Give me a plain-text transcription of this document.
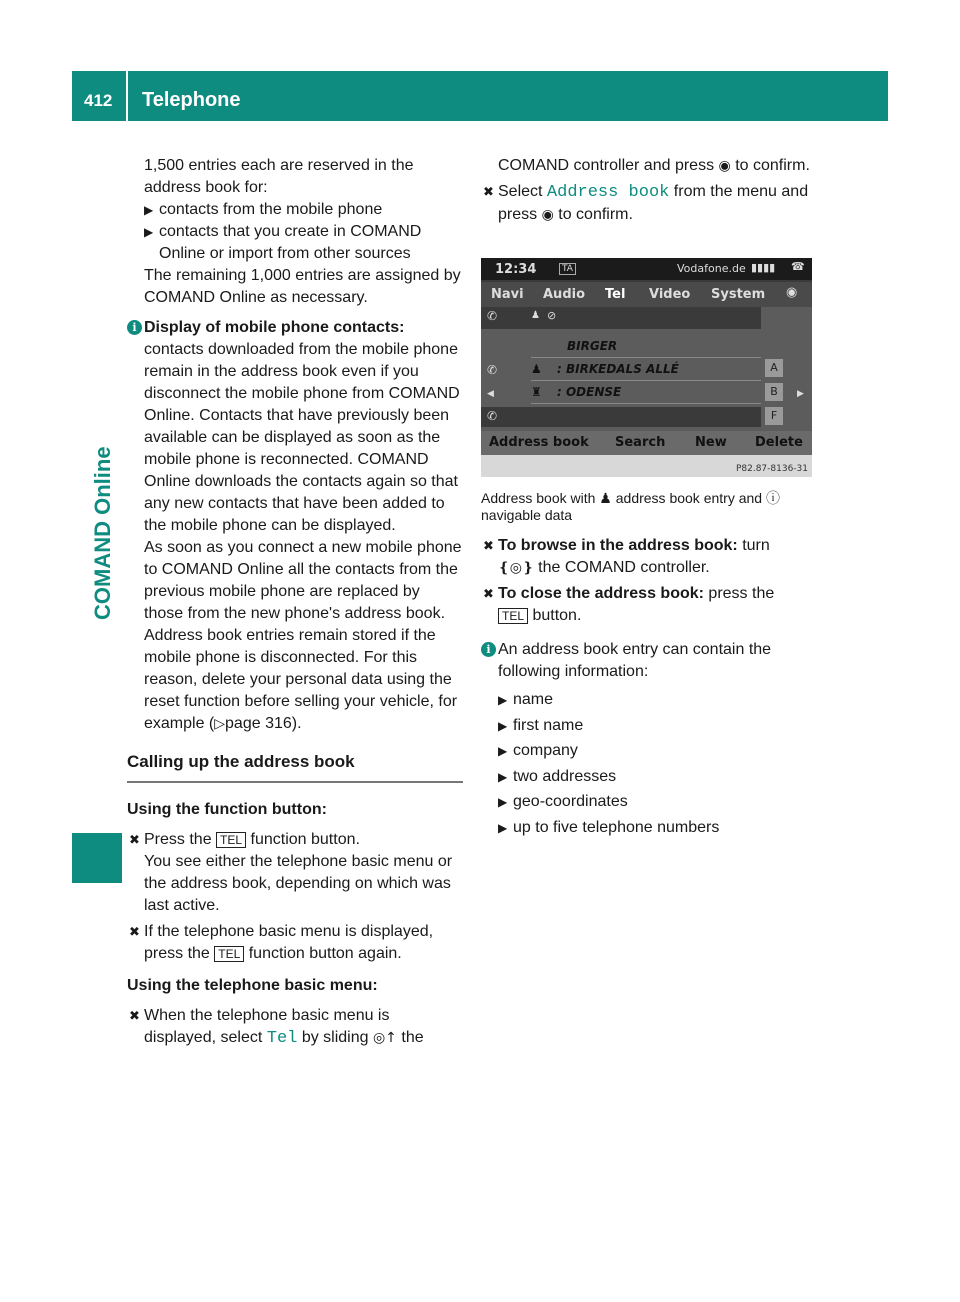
412 Telephone
COMAND Online

1,500 entries each are reserved in the address book for:

▶ contacts from the mobile phone

▶ contacts that you create in COMAND Online or import from other sources

The remaining 1,000 entries are assigned by COMAND Online as necessary.

i Display of mobile phone contacts: contacts downloaded from the mobile phone remain in the address book even if you disconnect the mobile phone from COMAND Online. Contacts that have previously been available can be displayed as soon as the mobile phone is reconnected. COMAND Online downloads the contacts again so that any new contacts that have been added to the mobile phone can be displayed.

As soon as you connect a new mobile phone to COMAND Online all the contacts from the previous mobile phone are replaced by those from the new phone's address book.

Address book entries remain stored if the mobile phone is disconnected. For this reason, delete your personal data using the reset function before selling your vehicle, for example (▷page 316).

Calling up the address book

Using the function button:

✖ Press the TEL function button.

You see either the telephone basic menu or the address book, depending on which was last active.

✖ If the telephone basic menu is displayed, press the TEL function button again.

Using the telephone basic menu:

✖ When the telephone basic menu is displayed, select Tel by sliding ◎↑ the

COMAND controller and press ◉ to confirm.

✖ Select Address book from the menu and press ◉ to confirm.

12:34	TA	Vodafone.de ▮▮▮▮ ☎
Navi Audio Tel Video System ◉
✆	♟ ⊘
BIRGER
♟ : BIRKEDALS ALLÉ
♜ : ODENSE
✆
◀	▶
✆
A
B
F
Address book Search New Delete
P82.87-8136-31

Address book with ♟ address book entry and ⓘ
navigable data

✖ To browse in the address book: turn
❴◎❵ the COMAND controller.

✖ To close the address book: press the
TEL button.

i An address book entry can contain the following information:

▶ name

▶ first name

▶ company

▶ two addresses

▶ geo-coordinates

▶ up to five telephone numbers
